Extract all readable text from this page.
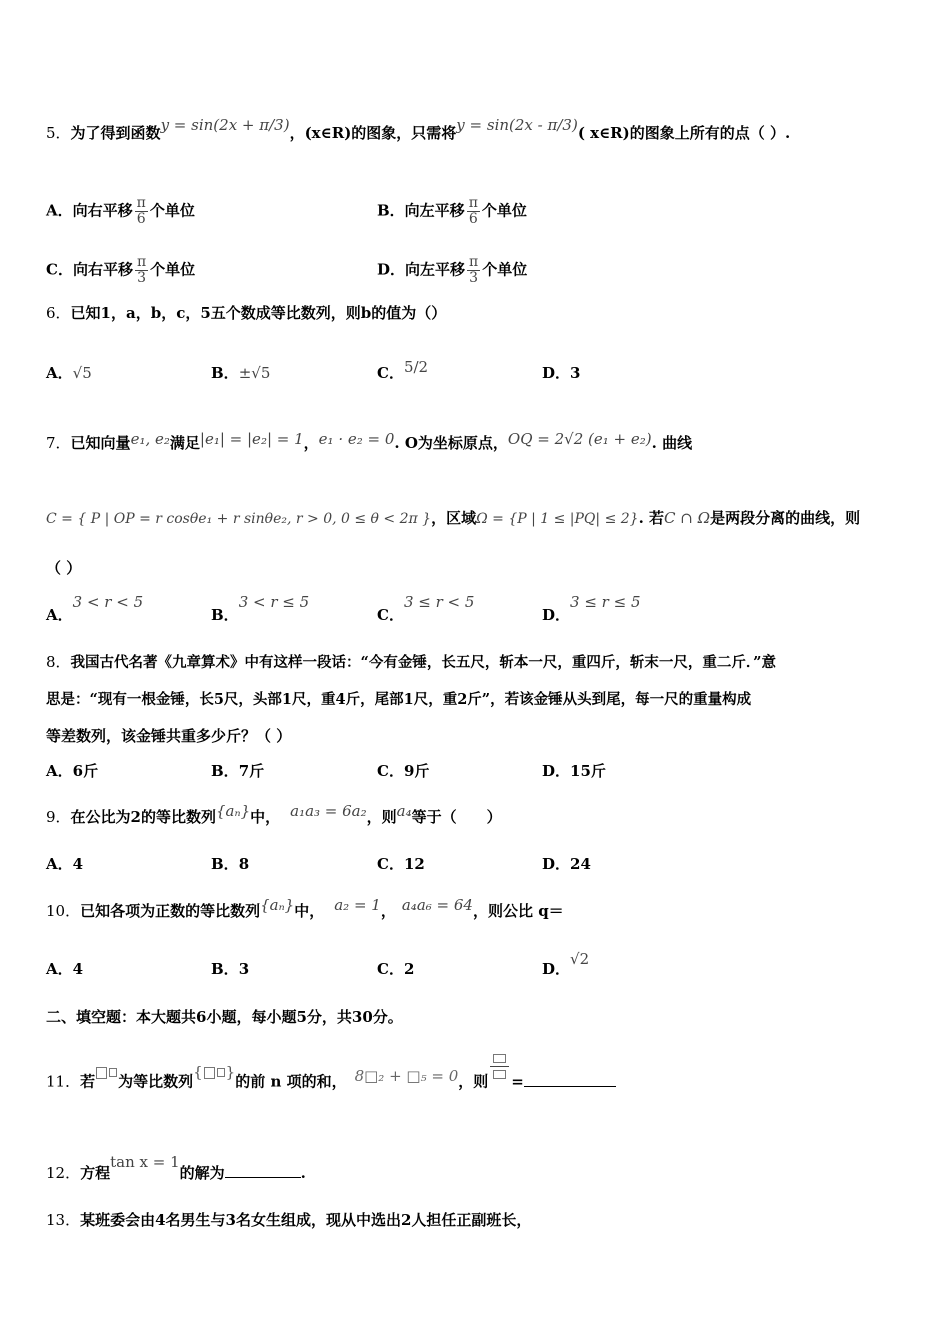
5．为了得到函数y = sin(2x + π/3)，(x∈R)的图象，只需将y = sin(2x - π/3)( x∈R)的图象上所有的点（ ）.
A．向右平移 $\frac{\pi}{6}$ 个单位	B．向左平移 $\frac{\pi}{6}$ 个单位
C．向右平移 $\frac{\pi}{3}$ 个单位	D．向左平移 $\frac{\pi}{3}$ 个单位
6．已知1，a，b，c，5五个数成等比数列，则b的值为（）
A．√5	B．±√5	C．5/2	D．3
7．已知向量e₁, e₂满足|e₁| = |e₂| = 1，e₁ · e₂ = 0. O为坐标原点，OQ = 2√2 (e₁ + e₂). 曲线
C = { P | OP = r cosθe₁ + r sinθe₂, r > 0, 0 ≤ θ < 2π }，区域Ω = {P | 1 ≤ |PQ| ≤ 2}. 若C ∩ Ω是两段分离的曲线，则
（ ）
A．3 < r < 5
B．3 < r ≤ 5
C．3 ≤ r < 5
D．3 ≤ r ≤ 5
8．我国古代名著《九章算术》中有这样一段话：“今有金锤，长五尺，斩本一尺，重四斤，斩末一尺，重二斤．”意
思是：“现有一根金锤，长5尺，头部1尺，重4斤，尾部1尺，重2斤”，若该金锤从头到尾，每一尺的重量构成
等差数列，该金锤共重多少斤？（ ）
A．6斤	B．7斤	C．9斤	D．15斤
9．在公比为2的等比数列{aₙ}中， a₁a₃ = 6a₂，则a₄等于（　　）
A．4	B．8	C．12	D．24
10．已知各项为正数的等比数列{aₙ}中， a₂ = 1， a₄a₆ = 64，则公比 q＝
A．4	B．3	C．2	D．√2
二、填空题：本大题共6小题，每小题5分，共30分。
11．若 为等比数列{ }的前 n 项的和， 8□₂ + □₅ = 0，则 =
12．方程tan x = 1的解为	.
13．某班委会由4名男生与3名女生组成，现从中选出2人担任正副班长，
